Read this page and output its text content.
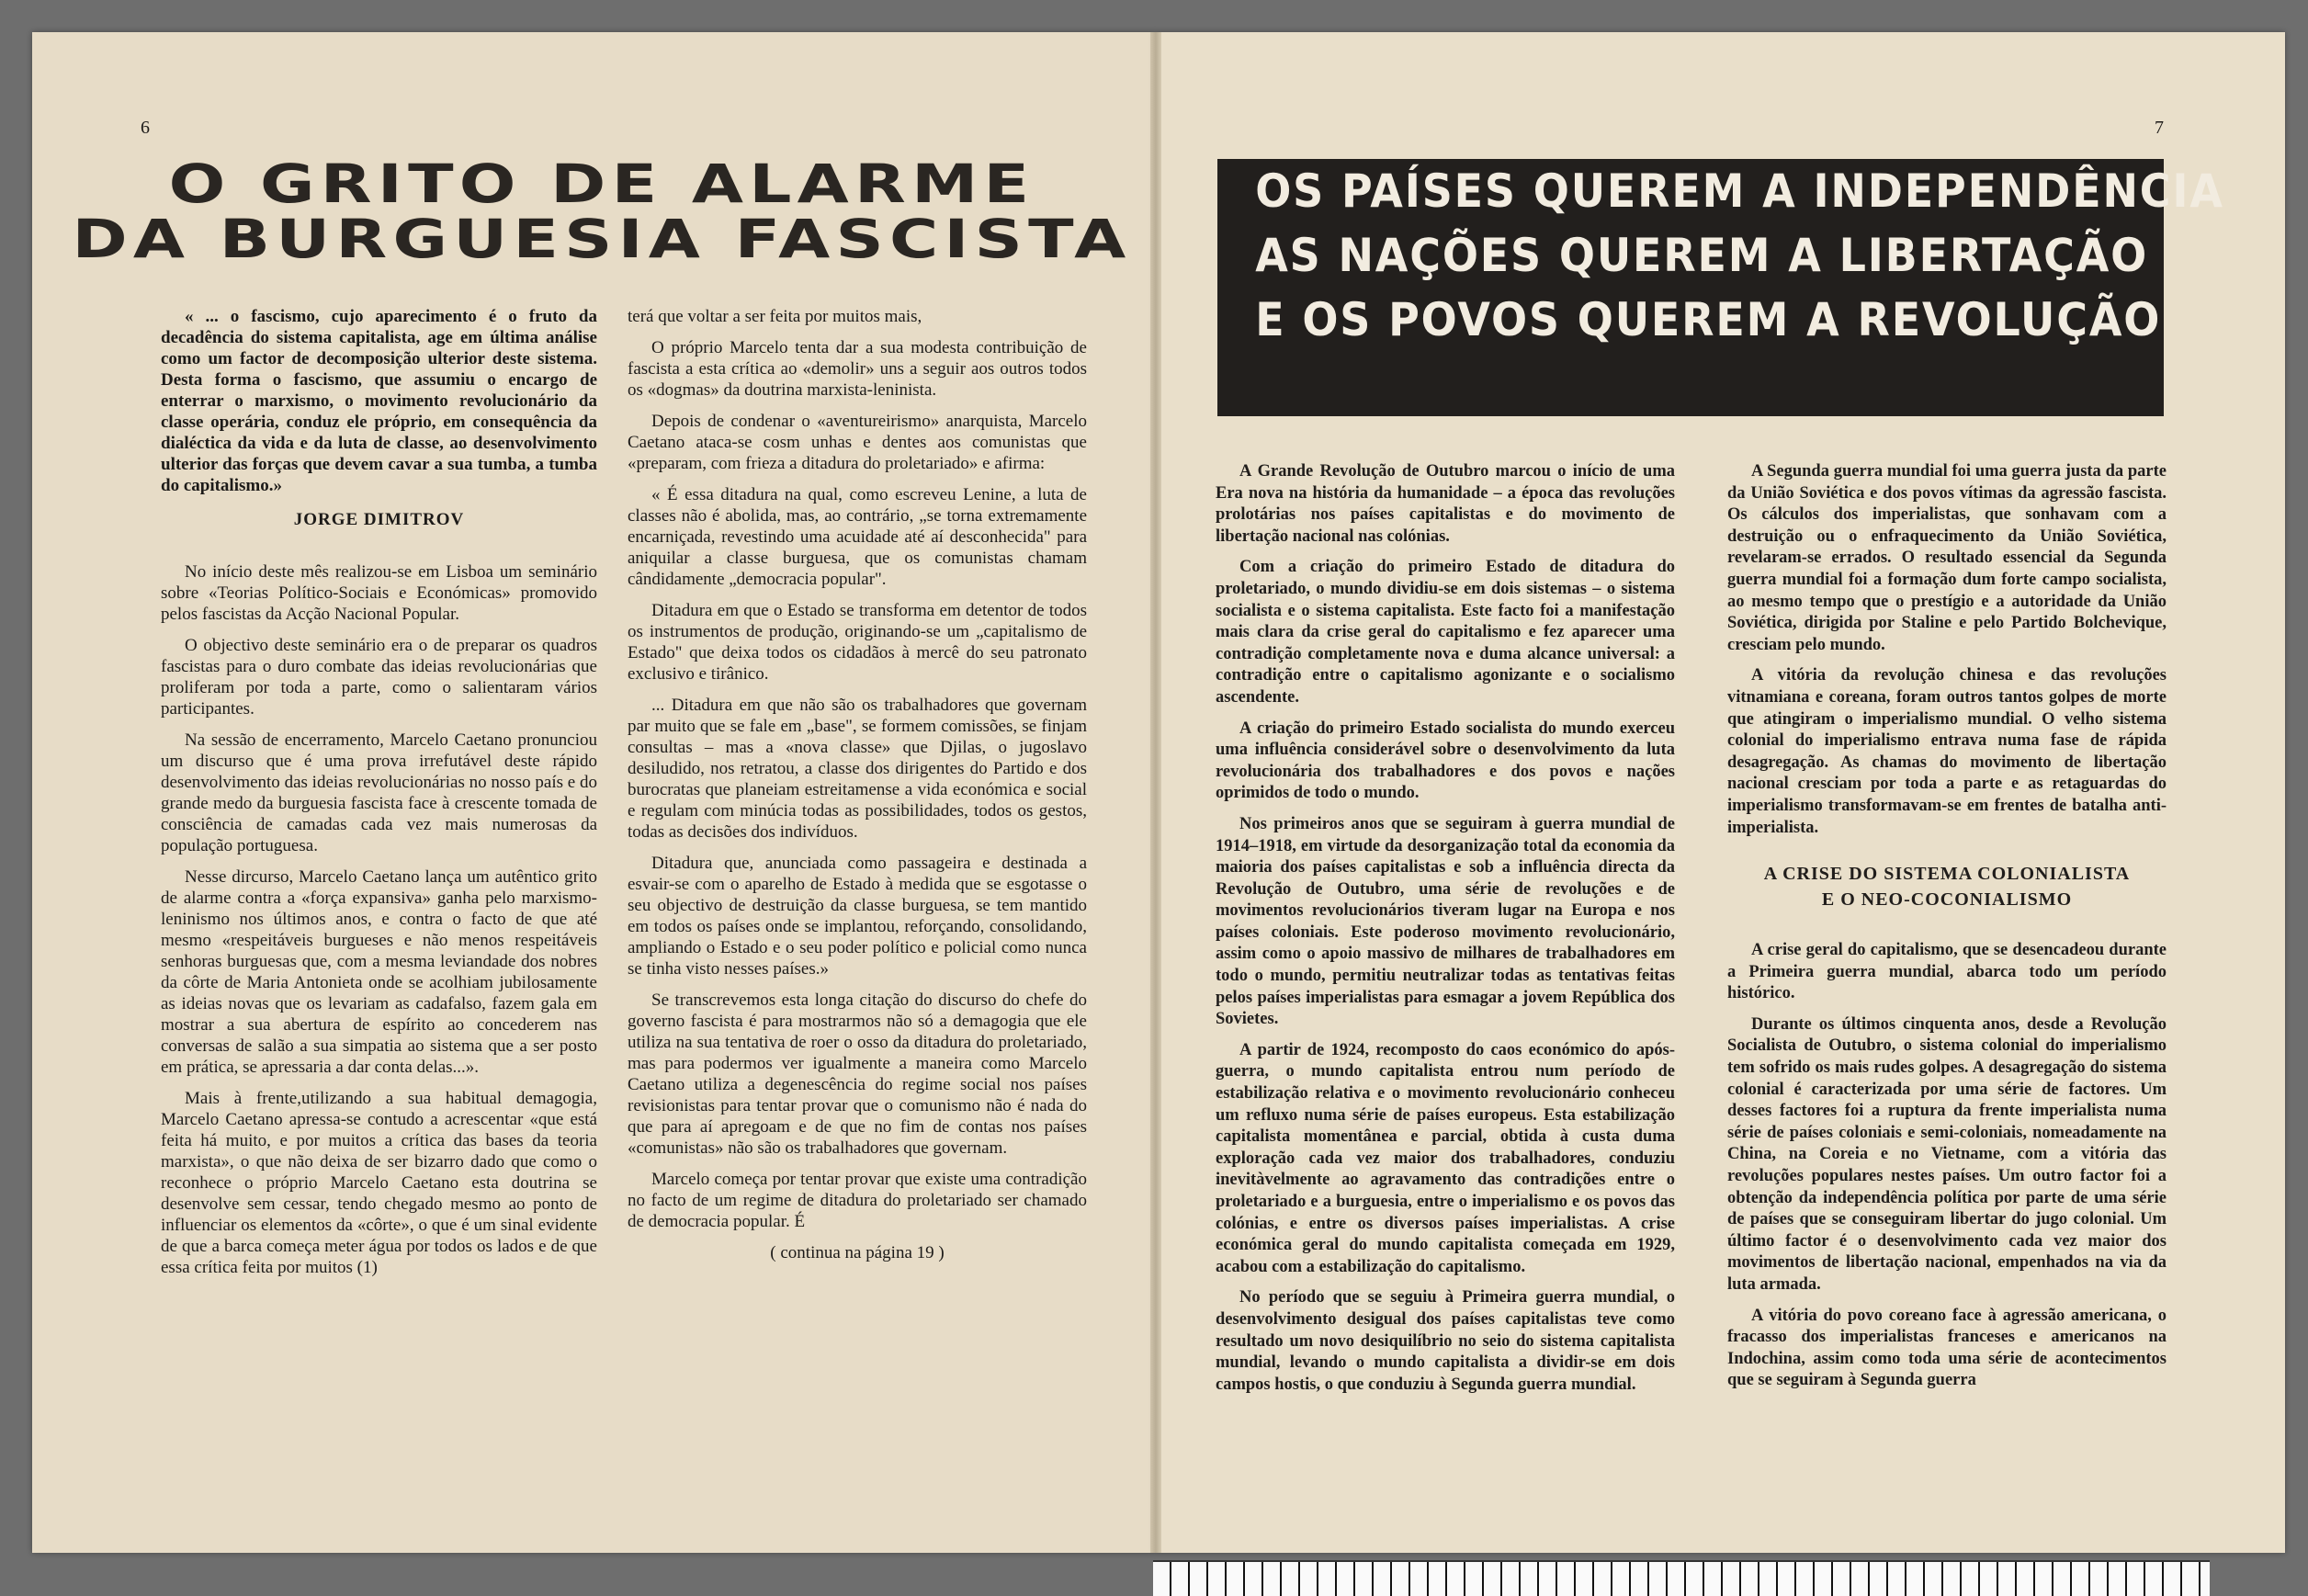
6	7
O GRITO DE ALARME
DA BURGUESIA FASCISTA

« ... o fascismo, cujo aparecimento é o fruto da decadência do sistema capitalista, age em última análise como um factor de decomposição ulterior deste sistema. Desta forma o fascismo, que assumiu o encargo de enterrar o marxismo, o movimento revolucionário da classe operária, conduz ele próprio, em consequência da dialéctica da vida e da luta de classe, ao desenvolvimento ulterior das forças que devem cavar a sua tumba, a tumba do capitalismo.»

JORGE DIMITROV

No início deste mês realizou-se em Lisboa um seminário sobre «Teorias Político-Sociais e Económicas» promovido pelos fascistas da Acção Nacional Popular.

O objectivo deste seminário era o de preparar os quadros fascistas para o duro combate das ideias revolucionárias que proliferam por toda a parte, como o salientaram vários participantes.

Na sessão de encerramento, Marcelo Caetano pronunciou um discurso que é uma prova irrefutável deste rápido desenvolvimento das ideias revolucionárias no nosso país e do grande medo da burguesia fascista face à crescente tomada de consciência de camadas cada vez mais numerosas da população portuguesa.

Nesse dircurso, Marcelo Caetano lança um autêntico grito de alarme contra a «força expansiva» ganha pelo marxismo-leninismo nos últimos anos, e contra o facto de que até mesmo «respeitáveis burgueses e não menos respeitáveis senhoras burguesas que, com a mesma leviandade dos nobres da côrte de Maria Antonieta onde se acolhiam jubilosamente as ideias novas que os levariam as cadafalso, fazem gala em mostrar a sua abertura de espírito ao concederem nas conversas de salão a sua simpatia ao sistema que a ser posto em prática, se apressaria a dar conta delas...».

Mais à frente,utilizando a sua habitual demagogia, Marcelo Caetano apressa-se contudo a acrescentar «que está feita há muito, e por muitos a crítica das bases da teoria marxista», o que não deixa de ser bizarro dado que como o reconhece o próprio Marcelo Caetano esta doutrina se desenvolve sem cessar, tendo chegado mesmo ao ponto de influenciar os elementos da «côrte», o que é um sinal evidente de que a barca começa meter água por todos os lados e de que essa crítica feita por muitos (1)

terá que voltar a ser feita por muitos mais,

O próprio Marcelo tenta dar a sua modesta contribuição de fascista a esta crítica ao «demolir» uns a seguir aos outros todos os «dogmas» da doutrina marxista-leninista.

Depois de condenar o «aventureirismo» anarquista, Marcelo Caetano ataca-se cosm unhas e dentes aos comunistas que «preparam, com frieza a ditadura do proletariado» e afirma:

« É essa ditadura na qual, como escreveu Lenine, a luta de classes não é abolida, mas, ao contrário, „se torna extremamente encarniçada, revestindo uma acuidade até aí desconhecida" para aniquilar a classe burguesa, que os comunistas chamam cândidamente „democracia popular".

Ditadura em que o Estado se transforma em detentor de todos os instrumentos de produção, originando-se um „capitalismo de Estado" que deixa todos os cidadãos à mercê do seu patronato exclusivo e tirânico.

... Ditadura em que não são os trabalhadores que governam par muito que se fale em „base", se formem comissões, se finjam consultas – mas a «nova classe» que Djilas, o jugoslavo desiludido, nos retratou, a classe dos dirigentes do Partido e dos burocratas que planeiam estreitamense a vida económica e social e regulam com minúcia todas as possibilidades, todos os gestos, todas as decisões dos indivíduos.

Ditadura que, anunciada como passageira e destinada a esvair-se com o aparelho de Estado à medida que se esgotasse o seu objectivo de destruição da classe burguesa, se tem mantido em todos os países onde se implantou, reforçando, consolidando, ampliando o Estado e o seu poder político e policial como nunca se tinha visto nesses países.»

Se transcrevemos esta longa citação do discurso do chefe do governo fascista é para mostrarmos não só a demagogia que ele utiliza na sua tentativa de roer o osso da ditadura do proletariado, mas para podermos ver igualmente a maneira como Marcelo Caetano utiliza a degenescência do regime social nos países revisionistas para tentar provar que o comunismo não é nada do que para aí apregoam e de que no fim de contas nos países «comunistas» não são os trabalhadores que governam.

Marcelo começa por tentar provar que existe uma contradição no facto de um regime de ditadura do proletariado ser chamado de democracia popular. É

( continua na página 19 )

OS PAÍSES QUEREM A INDEPENDÊNCIA
AS NAÇÕES QUEREM A LIBERTAÇÃO
E OS POVOS QUEREM A REVOLUÇÃO

A Grande Revolução de Outubro marcou o início de uma Era nova na história da humanidade – a época das revoluções prolotárias nos países capitalistas e do movimento de libertação nacional nas colónias.

Com a criação do primeiro Estado de ditadura do proletariado, o mundo dividiu-se em dois sistemas – o sistema socialista e o sistema capitalista. Este facto foi a manifestação mais clara da crise geral do capitalismo e fez aparecer uma contradição completamente nova e duma alcance universal: a contradição entre o capitalismo agonizante e o socialismo ascendente.

A criação do primeiro Estado socialista do mundo exerceu uma influência considerável sobre o desenvolvimento da luta revolucionária dos trabalhadores e dos povos e nações oprimidos de todo o mundo.

Nos primeiros anos que se seguiram à guerra mundial de 1914–1918, em virtude da desorganização total da economia da maioria dos países capitalistas e sob a influência directa da Revolução de Outubro, uma série de revoluções e de movimentos revolucionários tiveram lugar na Europa e nos países coloniais. Este poderoso movimento revolucionário, assim como o apoio massivo de milhares de trabalhadores em todo o mundo, permitiu neutralizar todas as tentativas feitas pelos países imperialistas para esmagar a jovem República dos Sovietes.

A partir de 1924, recomposto do caos económico do após-guerra, o mundo capitalista entrou num período de estabilização relativa e o movimento revolucionário conheceu um refluxo numa série de países europeus. Esta estabilização capitalista momentânea e parcial, obtida à custa duma exploração cada vez maior dos trabalhadores, conduziu inevitàvelmente ao agravamento das contradições entre o proletariado e a burguesia, entre o imperialismo e os povos das colónias, e entre os diversos países imperialistas. A crise económica geral do mundo capitalista começada em 1929, acabou com a estabilização do capitalismo.

No período que se seguiu à Primeira guerra mundial, o desenvolvimento desigual dos países capitalistas teve como resultado um novo desiquilíbrio no seio do sistema capitalista mundial, levando o mundo capitalista a dividir-se em dois campos hostis, o que conduziu à Segunda guerra mundial.

A Segunda guerra mundial foi uma guerra justa da parte da União Soviética e dos povos vítimas da agressão fascista. Os cálculos dos imperialistas, que sonhavam com a destruição ou o enfraquecimento da União Soviética, revelaram-se errados. O resultado essencial da Segunda guerra mundial foi a formação dum forte campo socialista, ao mesmo tempo que o prestígio e a autoridade da União Soviética, dirigida por Staline e pelo Partido Bolchevique, cresciam pelo mundo.

A vitória da revolução chinesa e das revoluções vitnamiana e coreana, foram outros tantos golpes de morte que atingiram o imperialismo mundial. O velho sistema colonial do imperialismo entrava numa fase de rápida desagregação. As chamas do movimento de libertação nacional cresciam por toda a parte e as retaguardas do imperialismo transformavam-se em frentes de batalha anti-imperialista.

A CRISE DO SISTEMA COLONIALISTA
E O NEO-COCONIALISMO

A crise geral do capitalismo, que se desencadeou durante a Primeira guerra mundial, abarca todo um período histórico.

Durante os últimos cinquenta anos, desde a Revolução Socialista de Outubro, o sistema colonial do imperialismo tem sofrido os mais rudes golpes. A desagregação do sistema colonial é caracterizada por uma série de factores. Um desses factores foi a ruptura da frente imperialista numa série de países coloniais e semi-coloniais, nomeadamente na China, na Coreia e no Vietname, com a vitória das revoluções populares nestes países. Um outro factor foi a obtenção da independência política por parte de uma série de países que se conseguiram libertar do jugo colonial. Um último factor é o desenvolvimento cada vez maior dos movimentos de libertação nacional, empenhados na via da luta armada.

A vitória do povo coreano face à agressão americana, o fracasso dos imperialistas franceses e americanos na Indochina, assim como toda uma série de acontecimentos que se seguiram à Segunda guerra
